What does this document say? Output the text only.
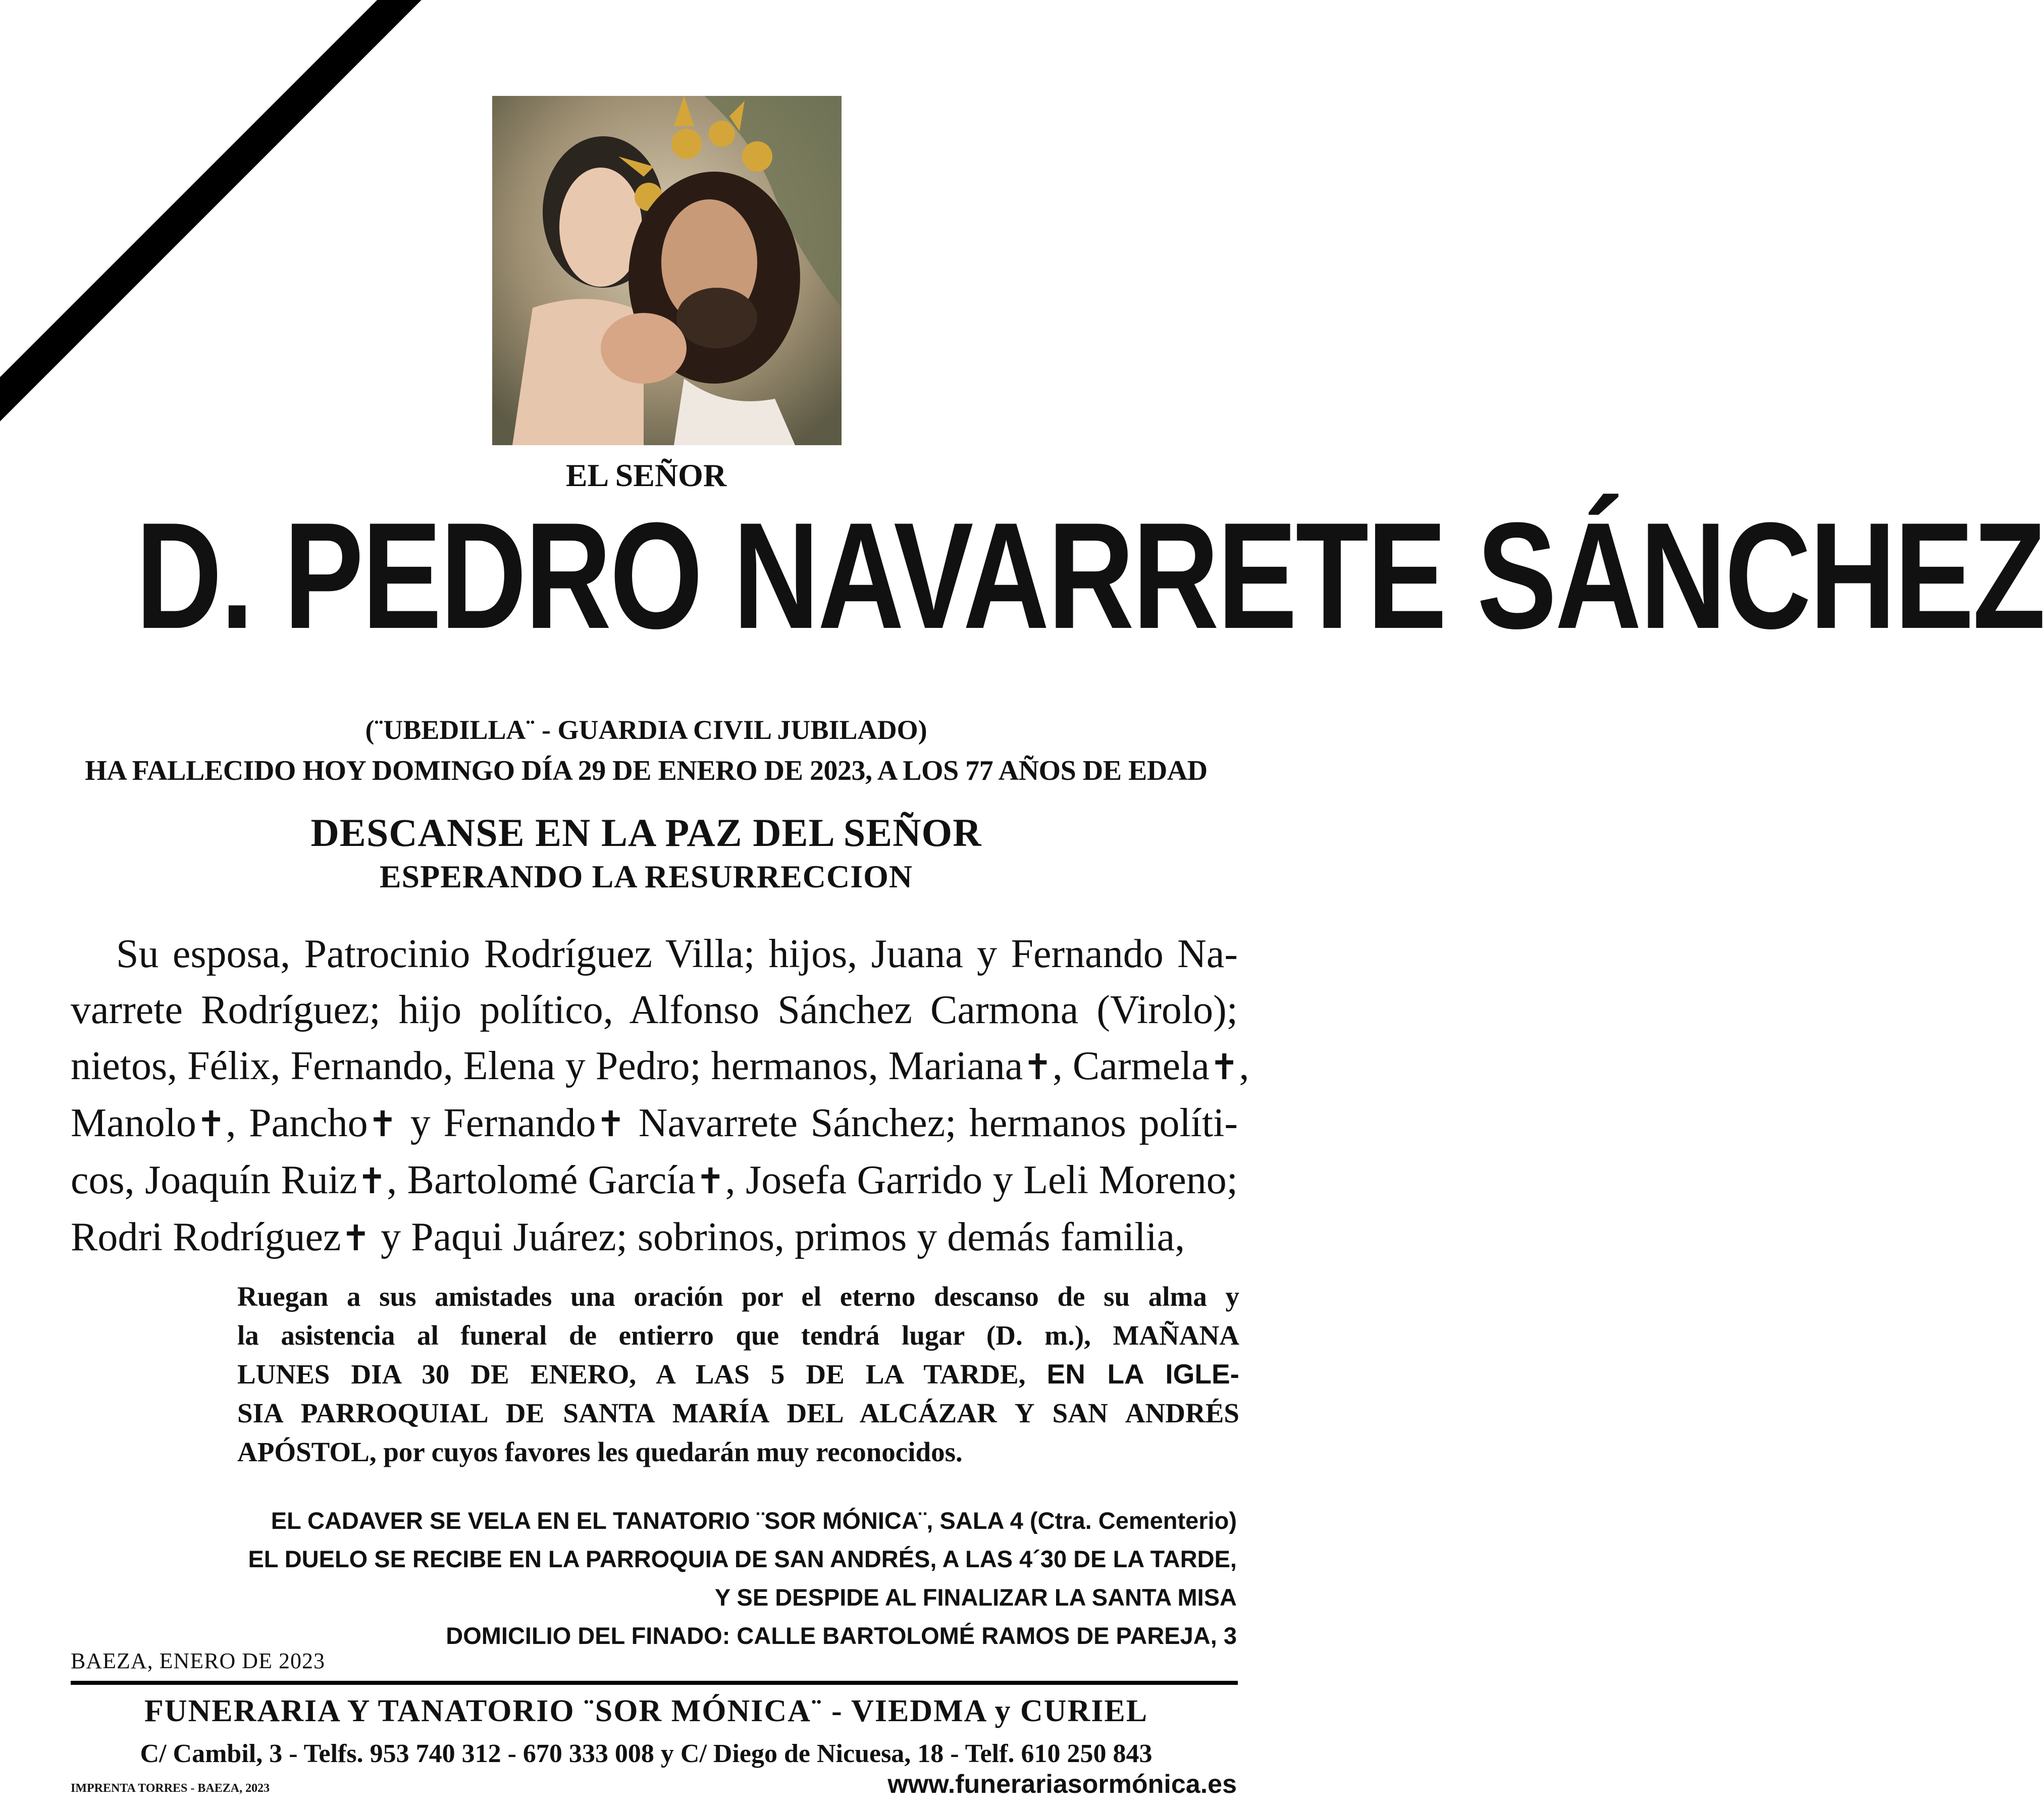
EL SEÑOR
D. PEDRO NAVARRETE SÁNCHEZ
(¨UBEDILLA¨ - GUARDIA CIVIL JUBILADO)
HA FALLECIDO HOY DOMINGO DÍA 29 DE ENERO DE 2023, A LOS 77 AÑOS DE EDAD
DESCANSE EN LA PAZ DEL SEÑOR
ESPERANDO LA RESURRECCION
Su esposa, Patrocinio Rodríguez Villa; hijos, Juana y Fernando Na-
varrete Rodríguez; hijo político, Alfonso Sánchez Carmona (Virolo);
nietos, Félix, Fernando, Elena y Pedro; hermanos, Mariana✝, Carmela✝,
Manolo✝, Pancho✝ y Fernando✝ Navarrete Sánchez; hermanos políti-
cos, Joaquín Ruiz✝, Bartolomé García✝, Josefa Garrido y Leli Moreno;
Rodri Rodríguez✝ y Paqui Juárez; sobrinos, primos y demás familia,
Ruegan a sus amistades una oración por el eterno descanso de su alma y
la asistencia al funeral de entierro que tendrá lugar (D. m.), MAÑANA
LUNES DIA 30 DE ENERO, A LAS 5 DE LA TARDE, EN LA IGLE-
SIA PARROQUIAL DE SANTA MARÍA DEL ALCÁZAR Y SAN ANDRÉS
APÓSTOL, por cuyos favores les quedarán muy reconocidos.
EL CADAVER SE VELA EN EL TANATORIO ¨SOR MÓNICA¨, SALA 4 (Ctra. Cementerio)
EL DUELO SE RECIBE EN LA PARROQUIA DE SAN ANDRÉS, A LAS 4´30 DE LA TARDE,
Y SE DESPIDE AL FINALIZAR LA SANTA MISA
DOMICILIO DEL FINADO: CALLE BARTOLOMÉ RAMOS DE PAREJA, 3
BAEZA, ENERO DE 2023
FUNERARIA Y TANATORIO ¨SOR MÓNICA¨ - VIEDMA y CURIEL
C/ Cambil, 3 - Telfs. 953 740 312 - 670 333 008 y C/ Diego de Nicuesa, 18 - Telf. 610 250 843
IMPRENTA TORRES - BAEZA, 2023	www.funerariasormónica.es
